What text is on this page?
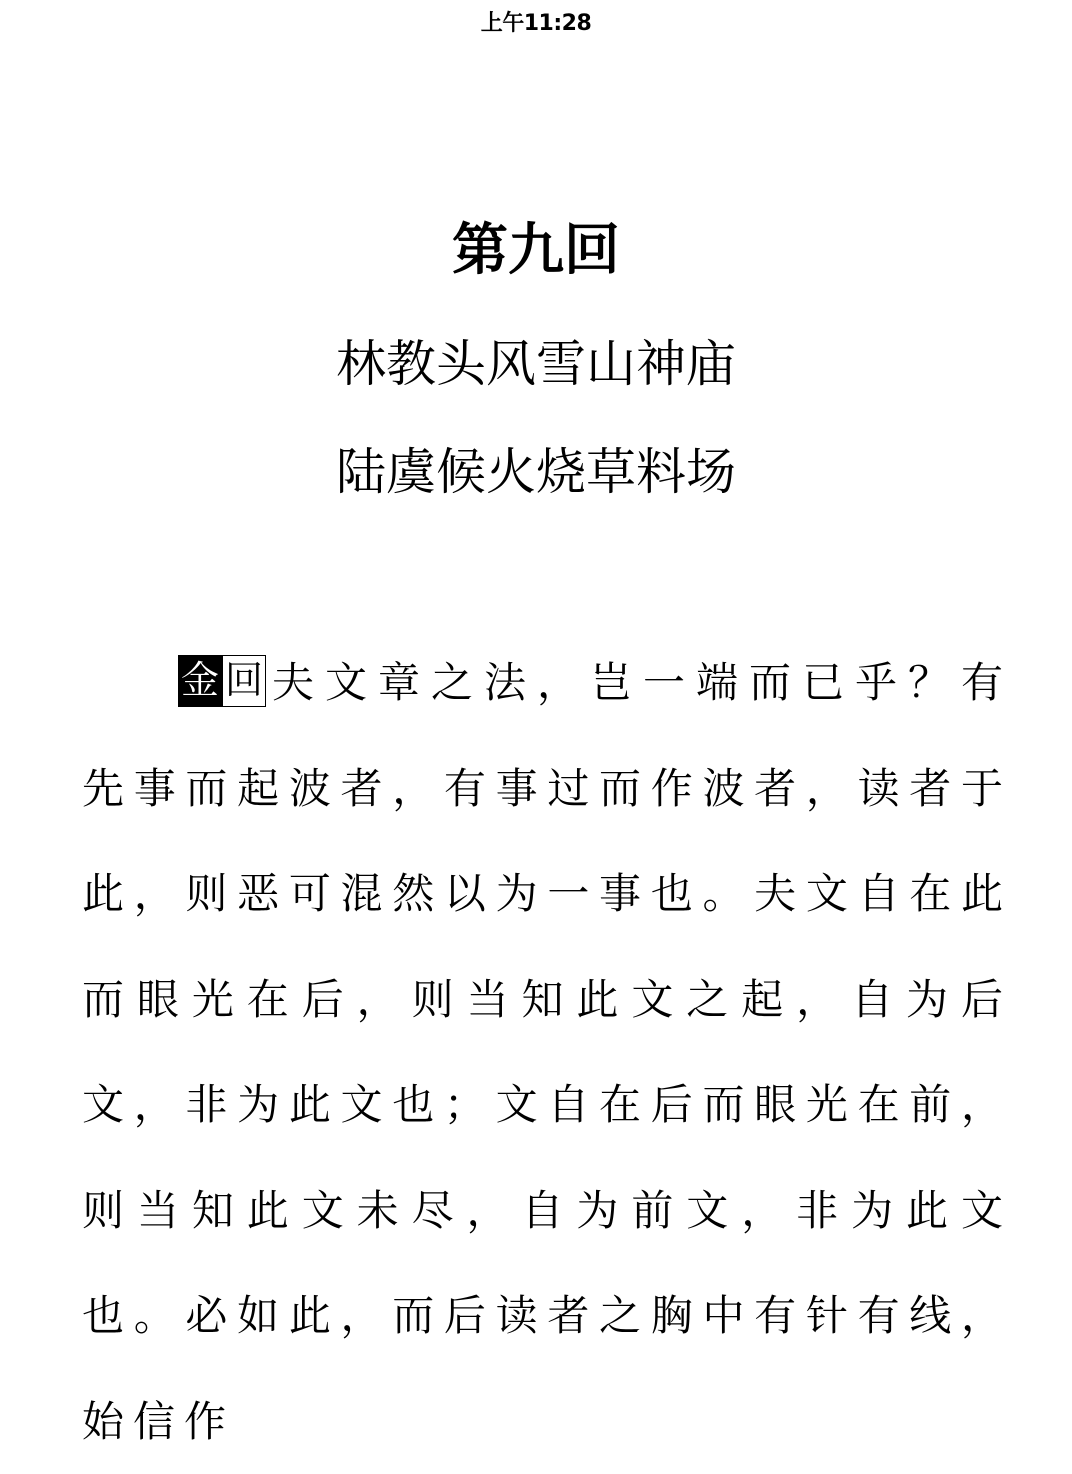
上午11:28
第九回
林教头风雪山神庙
陆虞候火烧草料场

金 回 夫文章之法，岂一端而已乎？有先事而起波者，有事过而作波者，读者于此，则恶可混然以为一事也。夫文自在此而眼光在后，则当知此文之起，自为后文，非为此文也；文自在后而眼光在前，则当知此文未尽，自为前文，非为此文也。必如此，而后读者之胸中有针有线，始信作
